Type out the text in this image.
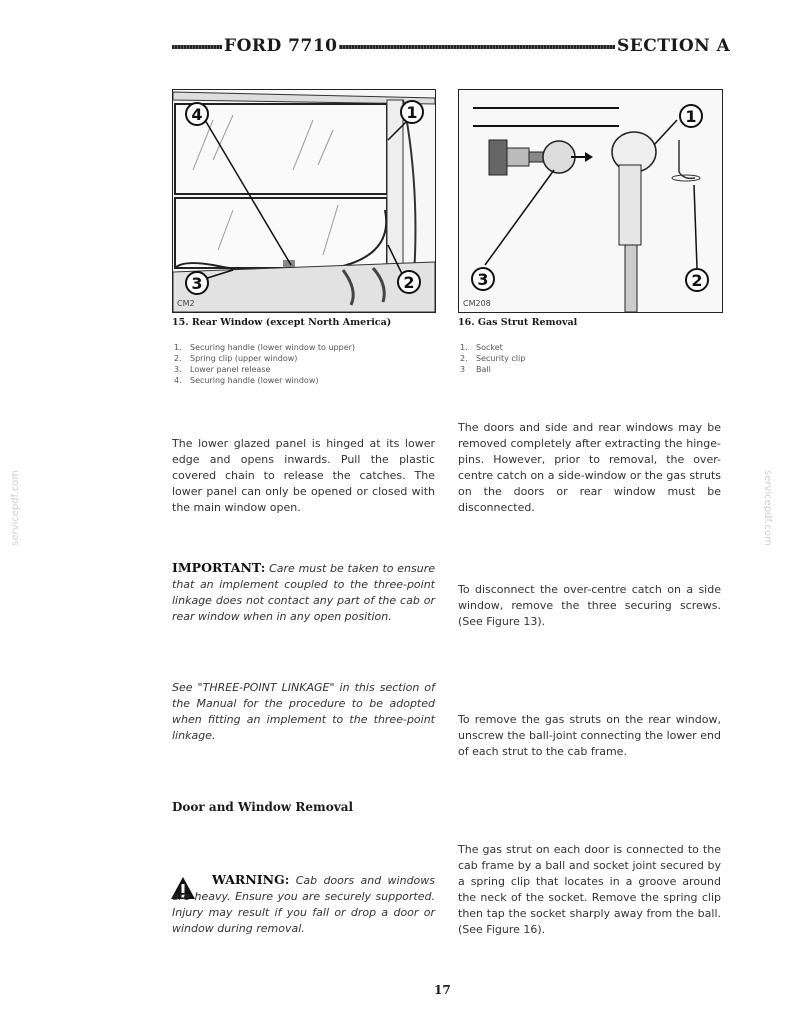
FORD 7710	SECTION A
4	1
3	2
CM2
15. Rear Window (except North America)
1. Securing handle (lower window to upper)
2. Spring clip (upper window)
3. Lower panel release
4. Securing handle (lower window)
1
3	2
CM208
16. Gas Strut Removal
1. Socket
2. Security clip
3 Ball
The lower glazed panel is hinged at its lower edge and opens inwards. Pull the plastic covered chain to release the catches. The lower panel can only be opened or closed with the main window open.
IMPORTANT: Care must be taken to ensure that an implement coupled to the three-point linkage does not contact any part of the cab or rear window when in any open position.
See "THREE-POINT LINKAGE" in this section of the Manual for the procedure to be adopted when fitting an implement to the three-point linkage.
Door and Window Removal
WARNING: Cab doors and windows are heavy. Ensure you are securely supported. Injury may result if you fall or drop a door or window during removal.
The doors and side and rear windows may be removed completely after extracting the hinge-pins. However, prior to removal, the over-centre catch on a side-window or the gas struts on the doors or rear window must be disconnected.
To disconnect the over-centre catch on a side window, remove the three securing screws. (See Figure 13).
To remove the gas struts on the rear window, unscrew the ball-joint connecting the lower end of each strut to the cab frame.
The gas strut on each door is connected to the cab frame by a ball and socket joint secured by a spring clip that locates in a groove around the neck of the socket. Remove the spring clip then tap the socket sharply away from the ball. (See Figure 16).
servicepdf.com	servicepdf.com
17
